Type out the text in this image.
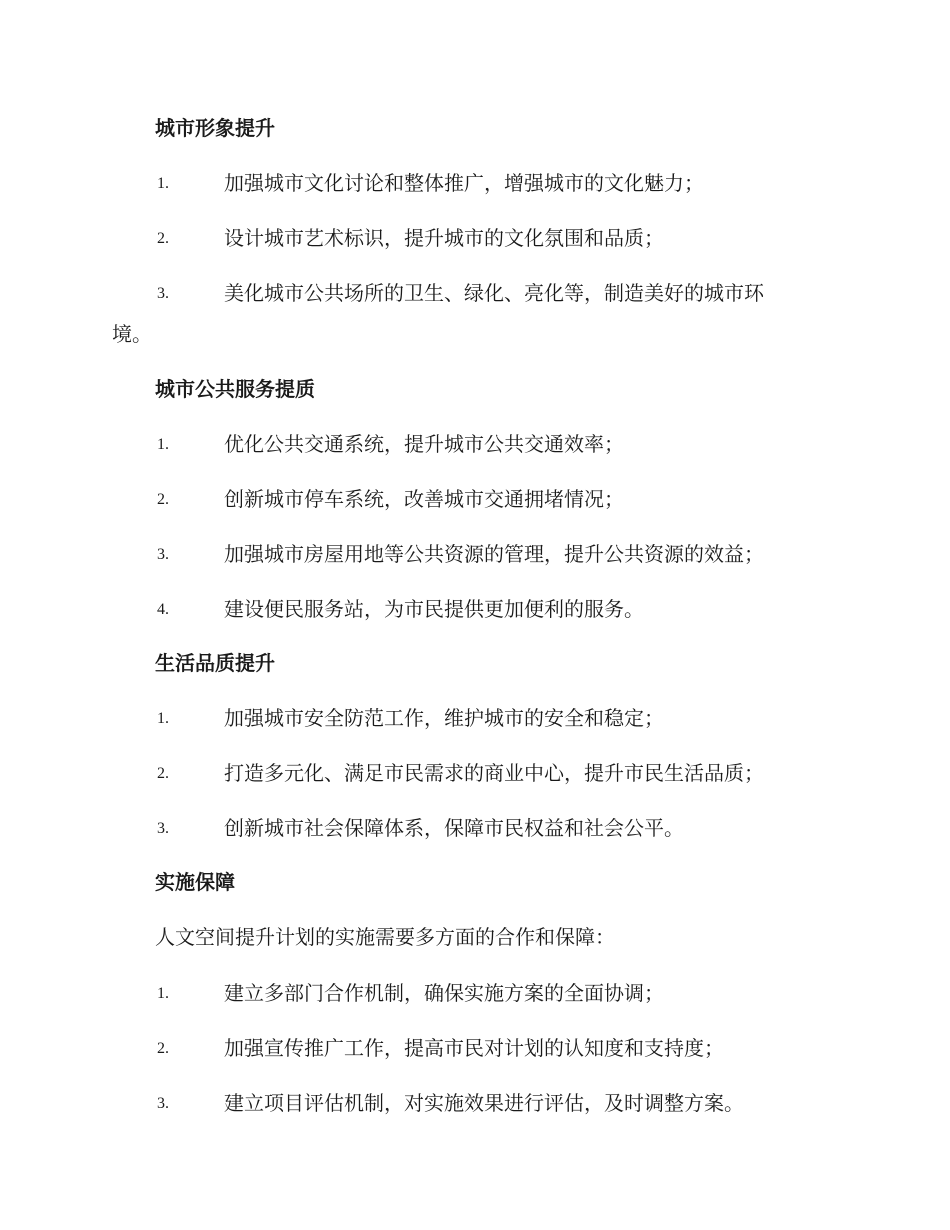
城市形象提升
1.	加强城市文化讨论和整体推广，增强城市的文化魅力；
2.	设计城市艺术标识，提升城市的文化氛围和品质；
3.	美化城市公共场所的卫生、绿化、亮化等，制造美好的城市环
境。
城市公共服务提质
1.	优化公共交通系统，提升城市公共交通效率；
2.	创新城市停车系统，改善城市交通拥堵情况；
3.	加强城市房屋用地等公共资源的管理，提升公共资源的效益；
4.	建设便民服务站，为市民提供更加便利的服务。
生活品质提升
1.	加强城市安全防范工作，维护城市的安全和稳定；
2.	打造多元化、满足市民需求的商业中心，提升市民生活品质；
3.	创新城市社会保障体系，保障市民权益和社会公平。
实施保障
人文空间提升计划的实施需要多方面的合作和保障：
1.	建立多部门合作机制，确保实施方案的全面协调；
2.	加强宣传推广工作，提高市民对计划的认知度和支持度；
3.	建立项目评估机制，对实施效果进行评估，及时调整方案。
